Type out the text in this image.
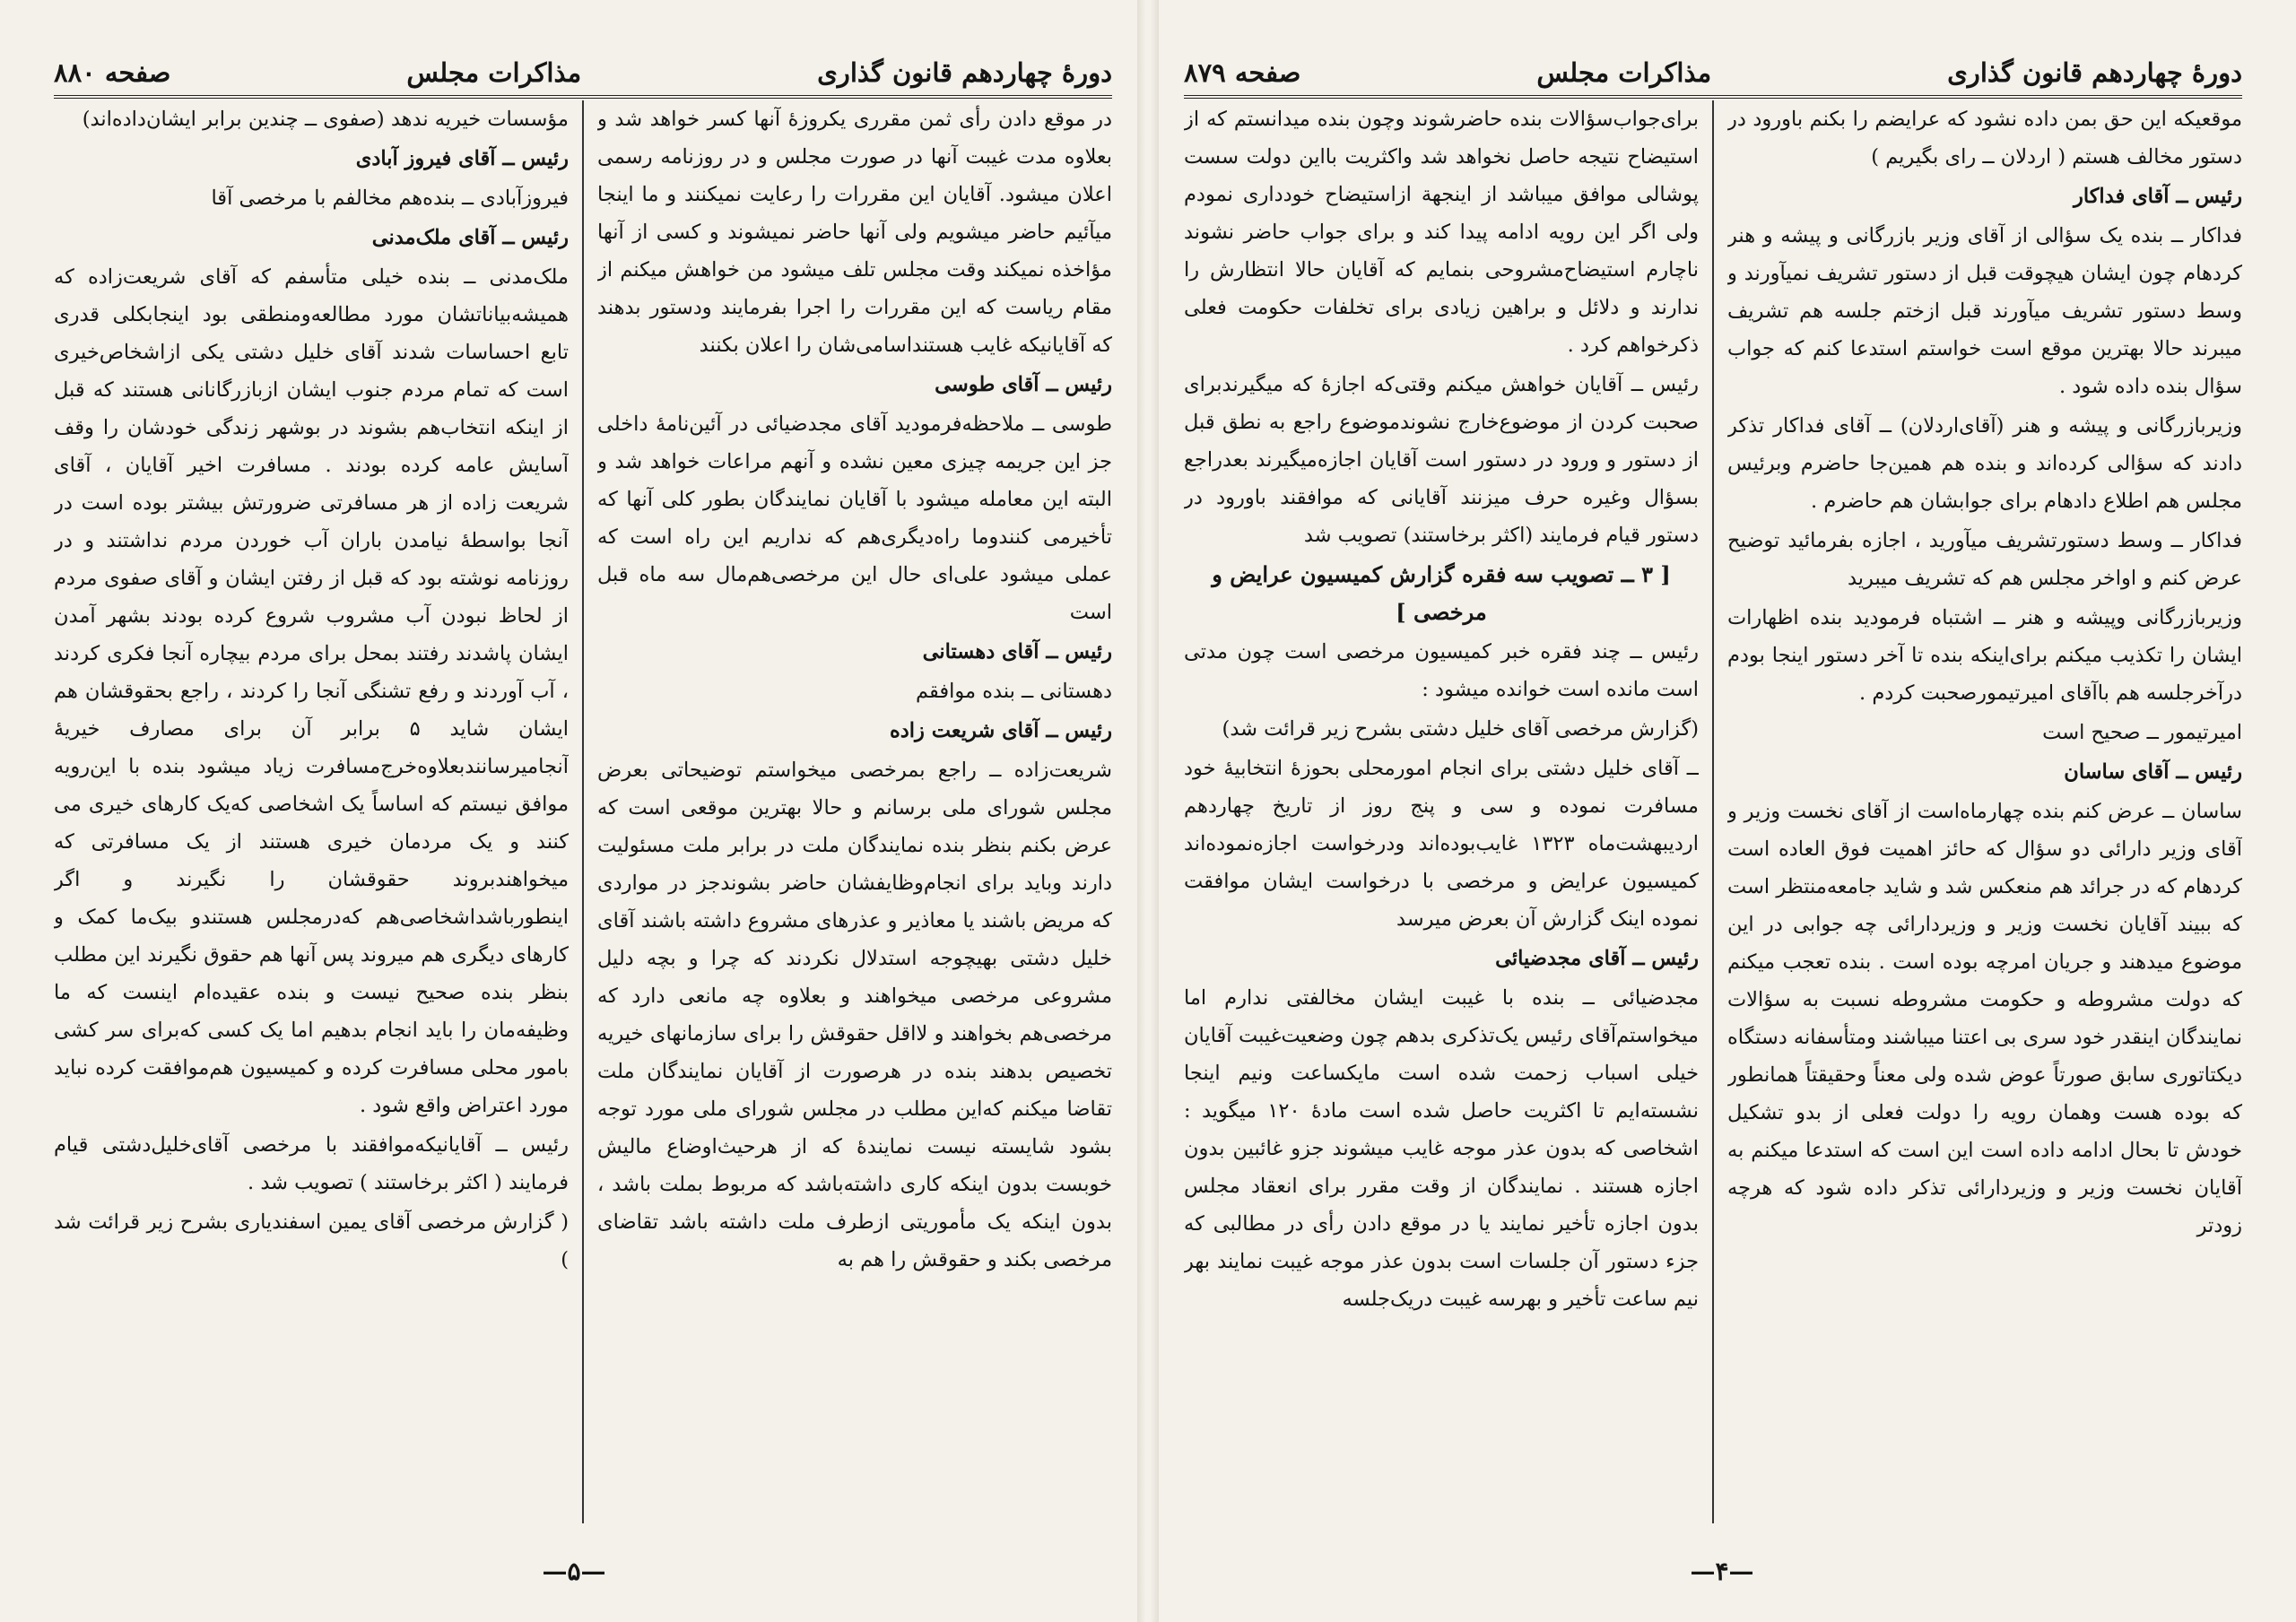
دورهٔ چهاردهم قانون گذاری
مذاکرات مجلس
صفحه ۸۸۰

در موقع دادن رأی ثمن مقرری یکروزهٔ آنها کسر خواهد شد و بعلاوه مدت غیبت آنها در صورت مجلس و در روزنامه رسمی اعلان میشود. آقایان این مقررات را رعایت نمیکنند و ما اینجا میآئیم حاضر میشویم ولی آنها حاضر نمیشوند و کسی از آنها مؤاخذه نمیکند وقت مجلس تلف میشود من خواهش میکنم از مقام ریاست که این مقررات را اجرا بفرمایند ودستور بدهند که آقایانیکه غایب هستنداسامی‌شان را اعلان بکنند

رئیس ــ آقای طوسی

طوسی ــ ملاحظه‌فرمودید آقای مجدضیائی در آئین‌نامهٔ داخلی جز این جریمه چیزی معین نشده و آنهم مراعات خواهد شد و البته این معامله میشود با آقایان نمایندگان بطور کلی آنها که تأخیرمی کنندوما راه‌دیگری‌هم که نداریم این راه است که عملی میشود علی‌ای حال این مرخصی‌هم‌مال سه ماه قبل است

رئیس ــ آقای دهستانی

دهستانی ــ بنده موافقم

رئیس ــ آقای شریعت زاده

شریعت‌زاده ــ راجع بمرخصی میخواستم توضیحاتی بعرض مجلس شورای ملی برسانم و حالا بهترین موقعی است که عرض بکنم بنظر بنده نمایندگان ملت در برابر ملت مسئولیت دارند وباید برای انجام‌وظایفشان حاضر بشوندجز در مواردی که مریض باشند یا معاذیر و عذرهای مشروع داشته باشند آقای خلیل دشتی بهیچوجه استدلال نکردند که چرا و بچه دلیل مشروعی مرخصی میخواهند و بعلاوه چه مانعی دارد که مرخصی‌هم بخواهند و لااقل حقوقش را برای سازمانهای خیریه تخصیص بدهند بنده در هرصورت از آقایان نمایندگان ملت تقاضا میکنم که‌این مطلب در مجلس شورای ملی مورد توجه بشود شایسته نیست نمایندهٔ که از هرحیث‌اوضاع مالیش خوبست بدون اینکه کاری داشته‌باشد که مربوط بملت باشد ، بدون اینکه یک مأموریتی ازطرف ملت داشته باشد تقاضای مرخصی بکند و حقوقش را هم به

مؤسسات خیریه ندهد (صفوی ــ چندین برابر ایشان‌داده‌اند)

رئیس ــ آقای فیروز آبادی

فیروزآبادی ــ بنده‌هم مخالفم با مرخصی آقا

رئیس ــ آقای ملک‌مدنی

ملک‌مدنی ــ بنده خیلی متأسفم که آقای شریعت‌زاده که همیشه‌بیاناتشان مورد مطالعه‌ومنطقی بود اینجابکلی قدری تابع احساسات شدند آقای خلیل دشتی یکی ازاشخاص‌خیری است که تمام مردم جنوب ایشان ازبازرگانانی هستند که قبل از اینکه انتخاب‌هم بشوند در بوشهر زندگی خودشان را وقف آسایش عامه کرده بودند . مسافرت اخیر آقایان ، آقای شریعت زاده از هر مسافرتی ضرورتش بیشتر بوده است در آنجا بواسطهٔ نیامدن باران آب خوردن مردم نداشتند و در روزنامه نوشته بود که قبل از رفتن ایشان و آقای صفوی مردم از لحاظ نبودن آب مشروب شروع کرده بودند بشهر آمدن ایشان پاشدند رفتند بمحل برای مردم بیچاره آنجا فکری کردند ، آب آوردند و رفع تشنگی آنجا را کردند ، راجع بحقوقشان هم ایشان شاید ۵ برابر آن برای مصارف خیریهٔ آنجامیرسانندبعلاوه‌خرج‌مسافرت زیاد میشود بنده با این‌رویه موافق نیستم که اساساً یک اشخاصی که‌یک کارهای خیری می کنند و یک مردمان خیری هستند از یک مسافرتی که میخواهندبروند حقوقشان را نگیرند و اگر اینطورباشداشخاصی‌هم که‌درمجلس هستندو بیک‌ما کمک و کارهای دیگری هم میروند پس آنها هم حقوق نگیرند این مطلب بنظر بنده صحیح نیست و بنده عقیده‌ام اینست که ما وظیفه‌مان را باید انجام بدهیم اما یک کسی که‌برای سر کشی بامور محلی مسافرت کرده و کمیسیون هم‌موافقت کرده نباید مورد اعتراض واقع شود .

رئیس ــ آقایانیکه‌موافقند با مرخصی آقای‌خلیل‌دشتی قیام فرمایند ( اکثر برخاستند ) تصویب شد .

( گزارش مرخصی آقای یمین اسفندیاری بشرح زیر قرائت شد )

—۵—
دورهٔ چهاردهم قانون گذاری
مذاکرات مجلس
صفحه ۸۷۹

موقعیکه این حق بمن داده نشود که عرایضم را بکنم باورود در دستور مخالف هستم ( اردلان ــ رای بگیریم )

رئیس ــ آقای فداکار

فداکار ــ بنده یک سؤالی از آقای وزیر بازرگانی و پیشه و هنر کردهام چون ایشان هیچوقت قبل از دستور تشریف نمیآورند و وسط دستور تشریف میآورند قبل ازختم جلسه هم تشریف میبرند حالا بهترین موقع است خواستم استدعا کنم که جواب سؤال بنده داده شود .

وزیربازرگانی و پیشه و هنر (آقای‌اردلان) ــ آقای فداکار تذکر دادند که سؤالی کرده‌اند و بنده هم همین‌جا حاضرم وبرئیس مجلس هم اطلاع دادهام برای جوابشان هم حاضرم .

فداکار ــ وسط دستورتشریف میآورید ، اجازه بفرمائید توضیح عرض کنم و اواخر مجلس هم که تشریف میبرید

وزیربازرگانی وپیشه و هنر ــ اشتباه فرمودید بنده اظهارات ایشان را تکذیب میکنم برای‌اینکه بنده تا آخر دستور اینجا بودم درآخرجلسه هم باآقای امیرتیمورصحبت کردم .

امیرتیمور ــ صحیح است

رئیس ــ آقای ساسان

ساسان ــ عرض کنم بنده چهارماه‌است از آقای نخست وزیر و آقای وزیر دارائی دو سؤال که حائز اهمیت فوق العاده است کردهام که در جرائد هم منعکس شد و شاید جامعه‌منتظر است که ببیند آقایان نخست وزیر و وزیردارائی چه جوابی در این موضوع میدهند و جریان امرچه بوده است . بنده تعجب میکنم که دولت مشروطه و حکومت مشروطه نسبت به سؤالات نمایندگان اینقدر خود سری بی اعتنا میباشند ومتأسفانه دستگاه دیکتاتوری سابق صورتاً عوض شده ولی معناً وحقیقتاً همانطور که بوده هست وهمان رویه را دولت فعلی از بدو تشکیل خودش تا بحال ادامه داده است این است که استدعا میکنم به آقایان نخست وزیر و وزیردارائی تذکر داده شود که هرچه زودتر

برای‌جواب‌سؤالات بنده حاضرشوند وچون بنده میدانستم که از استیضاح نتیجه حاصل نخواهد شد واکثریت بااین دولت سست پوشالی موافق میباشد از اینجهة ازاستیضاح خودداری نمودم ولی اگر این رویه ادامه پیدا کند و برای جواب حاضر نشوند ناچارم استیضاح‌مشروحی بنمایم که آقایان حالا انتظارش را ندارند و دلائل و براهین زیادی برای تخلفات حکومت فعلی ذکرخواهم کرد .

رئیس ــ آقایان خواهش میکنم وقتی‌که اجازهٔ که میگیرندبرای صحبت کردن از موضوع‌خارج نشوندموضوع راجع به نطق قبل از دستور و ورود در دستور است آقایان اجازه‌میگیرند بعدراجع بسؤال وغیره حرف میزنند آقایانی که موافقند باورود در دستور قیام فرمایند (اکثر برخاستند) تصویب شد

[ ۳ ــ تصویب سه فقره گزارش کمیسیون عرایض و مرخصی ]

رئیس ــ چند فقره خبر کمیسیون مرخصی است چون مدتی است مانده است خوانده میشود :

(گزارش مرخصی آقای خلیل دشتی بشرح زیر قرائت شد)

ــ آقای خلیل دشتی برای انجام امورمحلی بحوزهٔ انتخابیهٔ خود مسافرت نموده و سی و پنج روز از تاریخ چهاردهم اردیبهشت‌ماه ۱۳۲۳ غایب‌بوده‌اند ودرخواست اجازه‌نموده‌اند کمیسیون عرایض و مرخصی با درخواست ایشان موافقت نموده اینک گزارش آن بعرض میرسد

رئیس ــ آقای مجدضیائی

مجدضیائی ــ بنده با غیبت ایشان مخالفتی ندارم اما میخواستم‌آقای رئیس یک‌تذکری بدهم چون وضعیت‌غیبت آقایان خیلی اسباب زحمت شده است مایکساعت ونیم اینجا نشسته‌ایم تا اکثریت حاصل شده است مادهٔ ۱۲۰ میگوید : اشخاصی که بدون عذر موجه غایب میشوند جزو غائبین بدون اجازه هستند . نمایندگان از وقت مقرر برای انعقاد مجلس بدون اجازه تأخیر نمایند یا در موقع دادن رأی در مطالبی که جزء دستور آن جلسات است بدون عذر موجه غیبت نمایند بهر نیم ساعت تأخیر و بهرسه غیبت دریک‌جلسه

—۴—
